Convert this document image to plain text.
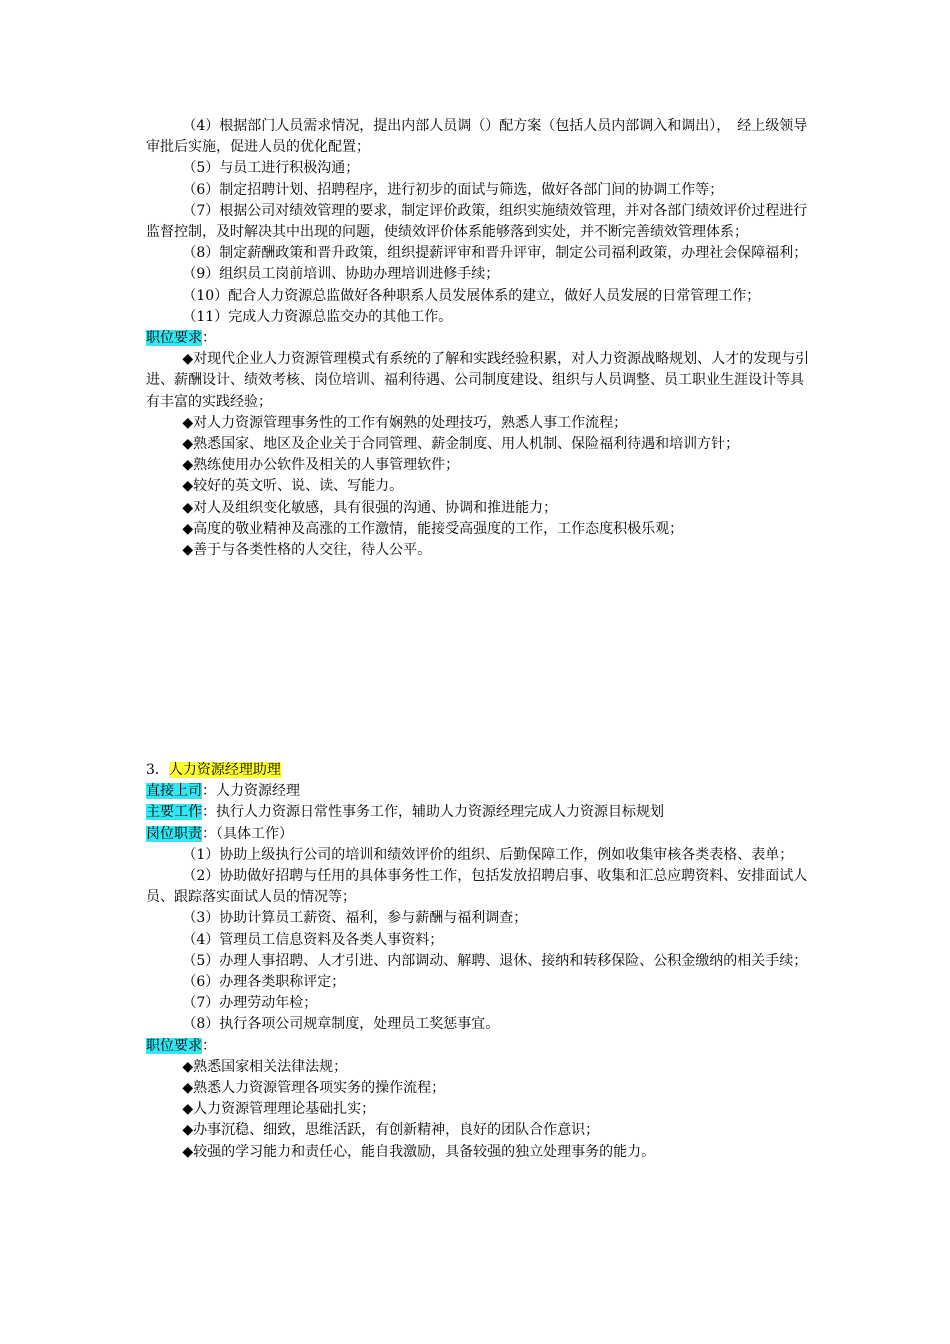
（4）根据部门人员需求情况，提出内部人员调（）配方案（包括人员内部调入和调出），　经上级领导审批后实施，促进人员的优化配置；

（5）与员工进行积极沟通；

（6）制定招聘计划、招聘程序，进行初步的面试与筛选，做好各部门间的协调工作等；

（7）根据公司对绩效管理的要求，制定评价政策，组织实施绩效管理，并对各部门绩效评价过程进行监督控制，及时解决其中出现的问题，使绩效评价体系能够落到实处，并不断完善绩效管理体系；

（8）制定薪酬政策和晋升政策，组织提薪评审和晋升评审，制定公司福利政策，办理社会保障福利；

（9）组织员工岗前培训、协助办理培训进修手续；

（10）配合人力资源总监做好各种职系人员发展体系的建立，做好人员发展的日常管理工作；

（11）完成人力资源总监交办的其他工作。

职位要求：

◆对现代企业人力资源管理模式有系统的了解和实践经验积累，对人力资源战略规划、人才的发现与引进、薪酬设计、绩效考核、岗位培训、福利待遇、公司制度建设、组织与人员调整、员工职业生涯设计等具有丰富的实践经验；

◆对人力资源管理事务性的工作有娴熟的处理技巧，熟悉人事工作流程；

◆熟悉国家、地区及企业关于合同管理、薪金制度、用人机制、保险福利待遇和培训方针；

◆熟练使用办公软件及相关的人事管理软件；

◆较好的英文听、说、读、写能力。

◆对人及组织变化敏感，具有很强的沟通、协调和推进能力；

◆高度的敬业精神及高涨的工作激情，能接受高强度的工作，工作态度积极乐观；

◆善于与各类性格的人交往，待人公平。

3．人力资源经理助理

直接上司：人力资源经理

主要工作：执行人力资源日常性事务工作，辅助人力资源经理完成人力资源目标规划

岗位职责：（具体工作）

（1）协助上级执行公司的培训和绩效评价的组织、后勤保障工作，例如收集审核各类表格、表单；

（2）协助做好招聘与任用的具体事务性工作，包括发放招聘启事、收集和汇总应聘资料、安排面试人员、跟踪落实面试人员的情况等；

（3）协助计算员工薪资、福利，参与薪酬与福利调查；

（4）管理员工信息资料及各类人事资料；

（5）办理人事招聘、人才引进、内部调动、解聘、退休、接纳和转移保险、公积金缴纳的相关手续；

（6）办理各类职称评定；

（7）办理劳动年检；

（8）执行各项公司规章制度，处理员工奖惩事宜。

职位要求：

◆熟悉国家相关法律法规；

◆熟悉人力资源管理各项实务的操作流程；

◆人力资源管理理论基础扎实；

◆办事沉稳、细致，思维活跃，有创新精神，良好的团队合作意识；

◆较强的学习能力和责任心，能自我激励，具备较强的独立处理事务的能力。
